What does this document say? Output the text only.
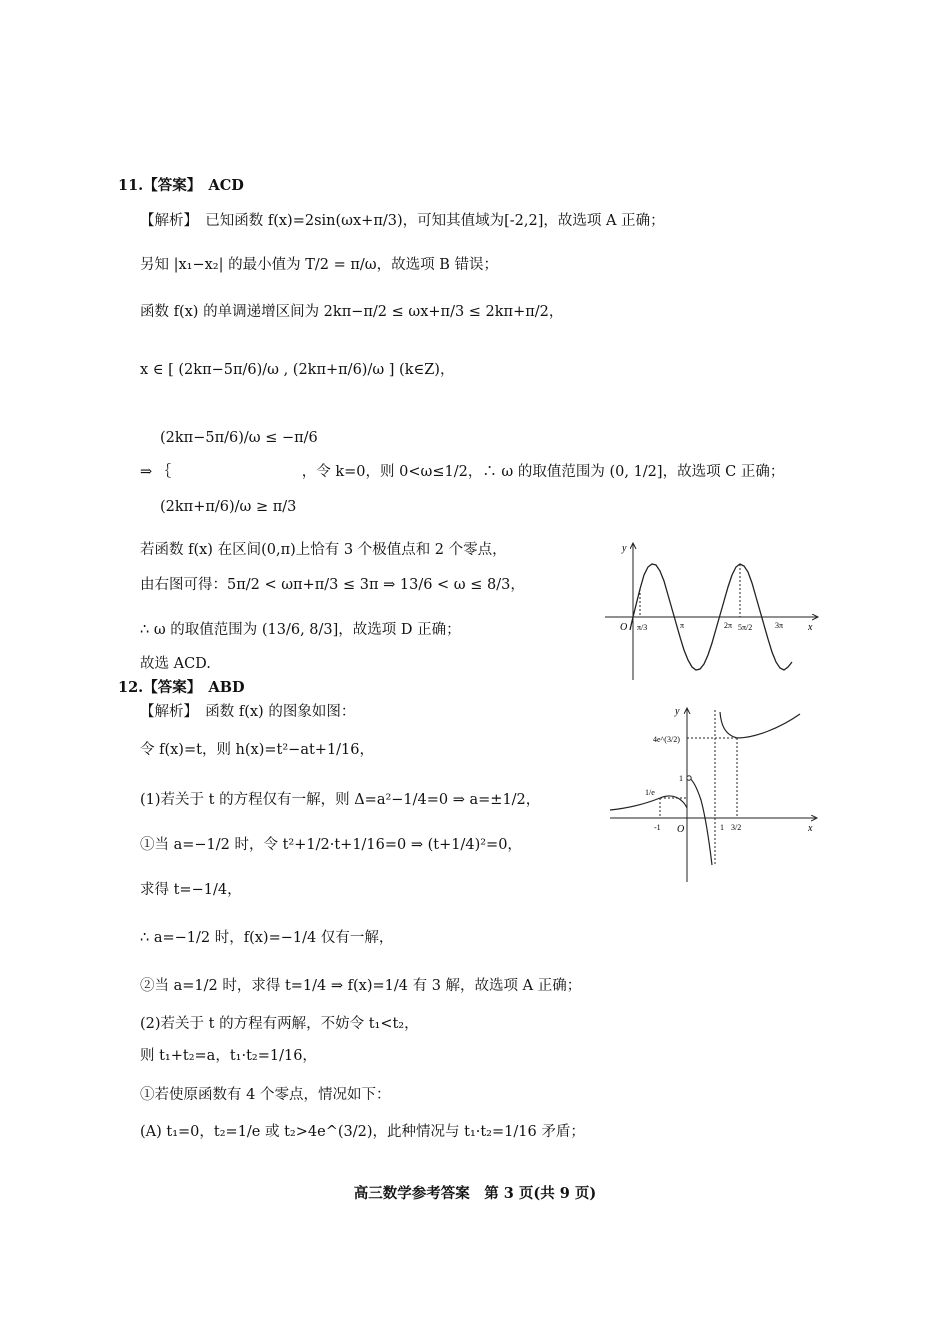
11.【答案】　ACD
【解析】　已知函数 f(x)=2sin(ωx+π/3)，可知其值域为[-2,2]，故选项 A 正确；
另知 |x₁−x₂| 的最小值为 T/2 = π/ω，故选项 B 错误；
函数 f(x) 的单调递增区间为 2kπ−π/2 ≤ ωx+π/3 ≤ 2kπ+π/2，
x ∈ [ (2kπ−5π/6)/ω , (2kπ+π/6)/ω ] (k∈Z)，
(2kπ−5π/6)/ω ≤ −π/6
⇒ ｛　　　　　　　　　，令 k=0，则 0<ω≤1/2，∴ ω 的取值范围为 (0, 1/2]，故选项 C 正确；
(2kπ+π/6)/ω ≥ π/3
若函数 f(x) 在区间(0,π)上恰有 3 个极值点和 2 个零点，
由右图可得：5π/2 < ωπ+π/3 ≤ 3π ⇒ 13/6 < ω ≤ 8/3，
∴ ω 的取值范围为 (13/6, 8/3]，故选项 D 正确；
故选 ACD.
12.【答案】　ABD
【解析】　函数 f(x) 的图象如图：
令 f(x)=t，则 h(x)=t²−at+1/16，
(1)若关于 t 的方程仅有一解，则 Δ=a²−1/4=0 ⇒ a=±1/2，
①当 a=−1/2 时，令 t²+1/2·t+1/16=0 ⇒ (t+1/4)²=0，
求得 t=−1/4，
∴ a=−1/2 时，f(x)=−1/4 仅有一解，
②当 a=1/2 时，求得 t=1/4 ⇒ f(x)=1/4 有 3 解，故选项 A 正确；
(2)若关于 t 的方程有两解，不妨令 t₁<t₂，
则 t₁+t₂=a，t₁·t₂=1/16，
①若使原函数有 4 个零点，情况如下：
(A) t₁=0，t₂=1/e 或 t₂>4e^(3/2)，此种情况与 t₁·t₂=1/16 矛盾；
y
x
O π/3	π	2π 5π/2	3π
y
x
O
-1	1 3/2
4e^(3/2)
1/e
1
高三数学参考答案　第 3 页(共 9 页)
